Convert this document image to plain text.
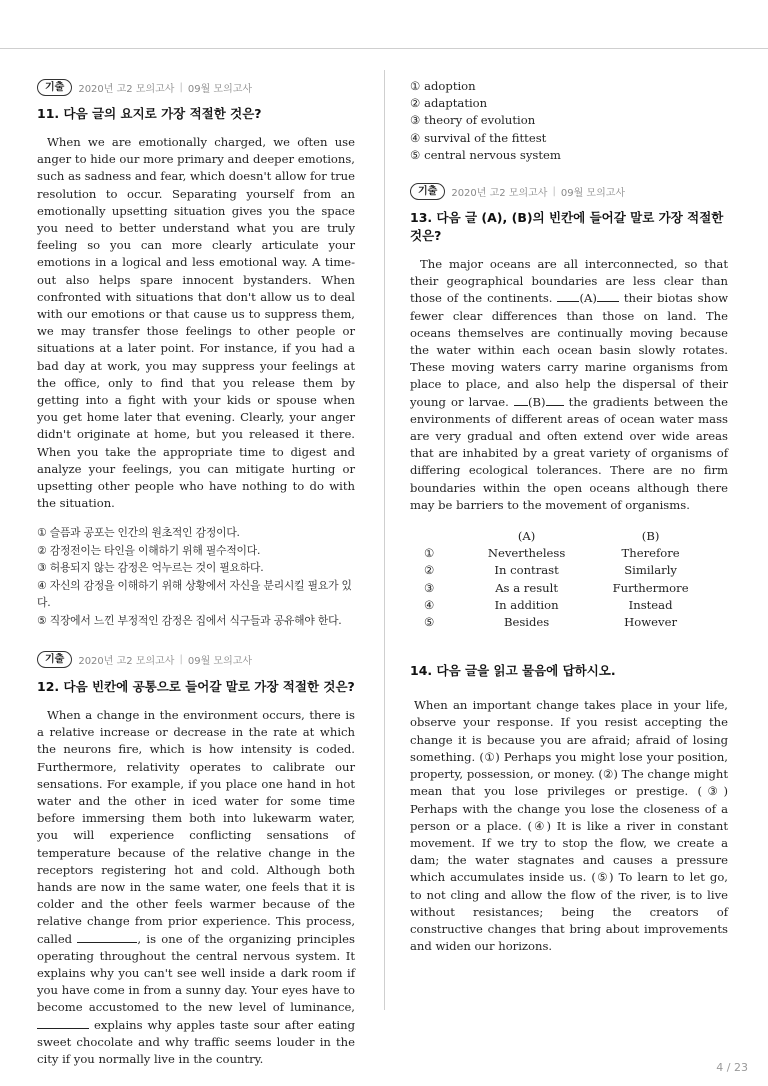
기출	2020년 고2 모의고사 | 09월 모의고사
11. 다음 글의 요지로 가장 적절한 것은?

When we are emotionally charged, we often use anger to hide our more primary and deeper emotions, such as sadness and fear, which doesn't allow for true resolution to occur. Separating yourself from an emotionally upsetting situation gives you the space you need to better understand what you are truly feeling so you can more clearly articulate your emotions in a logical and less emotional way. A time-out also helps spare innocent bystanders. When confronted with situations that don't allow us to deal with our emotions or that cause us to suppress them, we may transfer those feelings to other people or situations at a later point. For instance, if you had a bad day at work, you may suppress your feelings at the office, only to find that you release them by getting into a fight with your kids or spouse when you get home later that evening. Clearly, your anger didn't originate at home, but you released it there. When you take the appropriate time to digest and analyze your feelings, you can mitigate hurting or upsetting other people who have nothing to do with the situation.

① 슬픔과 공포는 인간의 원초적인 감정이다.
② 감정전이는 타인을 이해하기 위해 필수적이다.
③ 허용되지 않는 감정은 억누르는 것이 필요하다.
④ 자신의 감정을 이해하기 위해 상황에서 자신을 분리시킬 필요가 있다.
⑤ 직장에서 느낀 부정적인 감정은 집에서 식구들과 공유해야 한다.
기출	2020년 고2 모의고사 | 09월 모의고사
12. 다음 빈칸에 공통으로 들어갈 말로 가장 적절한 것은?

When a change in the environment occurs, there is a relative increase or decrease in the rate at which the neurons fire, which is how intensity is coded. Furthermore, relativity operates to calibrate our sensations. For example, if you place one hand in hot water and the other in iced water for some time before immersing them both into lukewarm water, you will experience conflicting sensations of temperature because of the relative change in the receptors registering hot and cold. Although both hands are now in the same water, one feels that it is colder and the other feels warmer because of the relative change from prior experience. This process, called	, is one of the organizing principles operating throughout the central nervous system. It explains why you can't see well inside a dark room if you have come in from a sunny day. Your eyes have to become accustomed to the new level of luminance,  explains why apples taste sour after eating sweet chocolate and why traffic seems louder in the city if you normally live in the country.

① adoption
② adaptation
③ theory of evolution
④ survival of the fittest
⑤ central nervous system
기출	2020년 고2 모의고사 | 09월 모의고사
13. 다음 글 (A), (B)의 빈칸에 들어갈 말로 가장 적절한 것은?

The major oceans are all interconnected, so that their geographical boundaries are less clear than those of the continents. (A) their biotas show fewer clear differences than those on land. The oceans themselves are continually moving because the water within each ocean basin slowly rotates. These moving waters carry marine organisms from place to place, and also help the dispersal of their young or larvae. (B) the gradients between the environments of different areas of ocean water mass are very gradual and often extend over wide areas that are inhabited by a great variety of organisms of differing ecological tolerances. There are no firm boundaries within the open oceans although there may be barriers to the movement of organisms.

	(A)	(B)
①	Nevertheless	Therefore
②	In contrast	Similarly
③	As a result	Furthermore
④	In addition	Instead
⑤	Besides	However
14. 다음 글을 읽고 물음에 답하시오.

When an important change takes place in your life, observe your response. If you resist accepting the change it is because you are afraid; afraid of losing something. (①) Perhaps you might lose your position, property, possession, or money. (②) The change might mean that you lose privileges or prestige. (③) Perhaps with the change you lose the closeness of a person or a place. (④) It is like a river in constant movement. If we try to stop the flow, we create a dam; the water stagnates and causes a pressure which accumulates inside us. (⑤) To learn to let go, to not cling and allow the flow of the river, is to live without resistances; being the creators of constructive changes that bring about improvements and widen our horizons.

4 / 23
